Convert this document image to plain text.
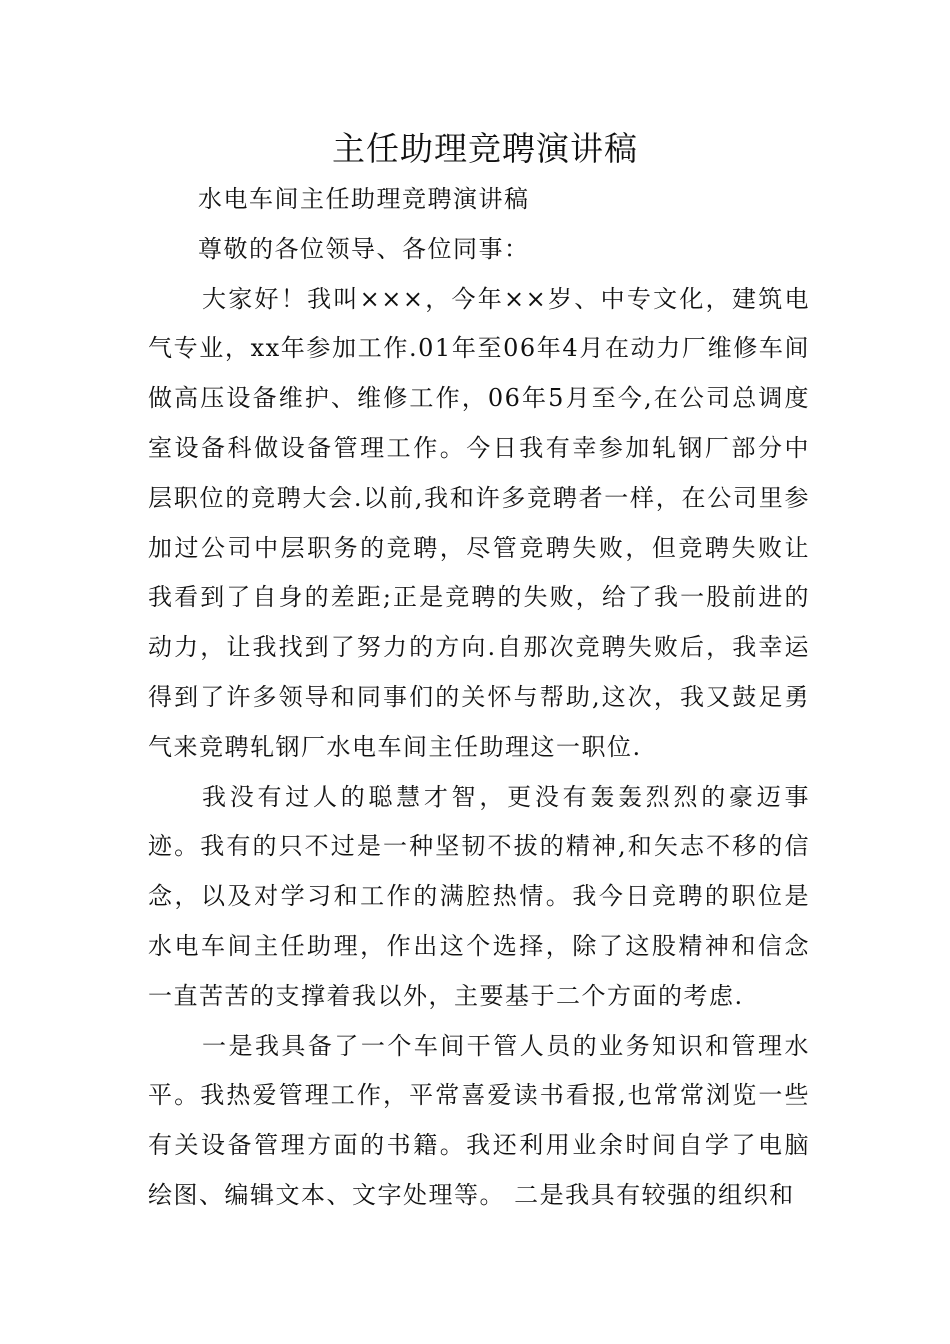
主任助理竞聘演讲稿

水电车间主任助理竞聘演讲稿

尊敬的各位领导、各位同事：

大家好！我叫×××，今年××岁、中专文化，建筑电气专业，xx年参加工作.01年至06年4月在动力厂维修车间做高压设备维护、维修工作，06年5月至今,在公司总调度室设备科做设备管理工作。今日我有幸参加轧钢厂部分中层职位的竞聘大会.以前,我和许多竞聘者一样，在公司里参加过公司中层职务的竞聘，尽管竞聘失败，但竞聘失败让我看到了自身的差距;正是竞聘的失败，给了我一股前进的动力，让我找到了努力的方向.自那次竞聘失败后，我幸运得到了许多领导和同事们的关怀与帮助,这次，我又鼓足勇气来竞聘轧钢厂水电车间主任助理这一职位.

我没有过人的聪慧才智，更没有轰轰烈烈的豪迈事迹。我有的只不过是一种坚韧不拔的精神,和矢志不移的信念，以及对学习和工作的满腔热情。我今日竞聘的职位是水电车间主任助理，作出这个选择，除了这股精神和信念一直苦苦的支撑着我以外，主要基于二个方面的考虑.

一是我具备了一个车间干管人员的业务知识和管理水平。我热爱管理工作，平常喜爱读书看报,也常常浏览一些有关设备管理方面的书籍。我还利用业余时间自学了电脑绘图、编辑文本、文字处理等。 二是我具有较强的组织和
